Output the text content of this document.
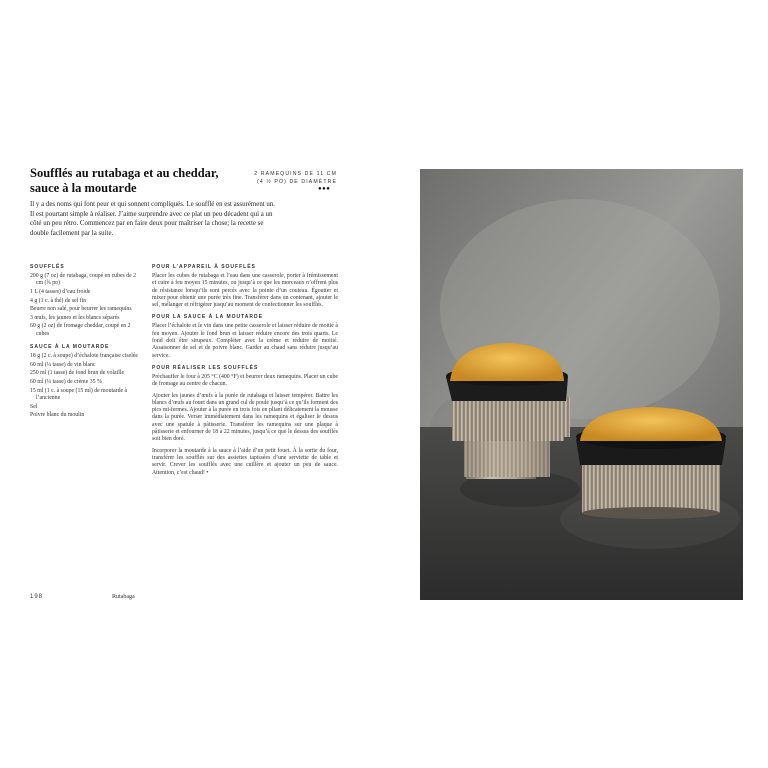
Soufflés au rutabaga et au cheddar, sauce à la moutarde
2 RAMEQUINS DE 11 CM
(4 ½ PO) DE DIAMÈTRE
●●●

Il y a des noms qui font peur et qui sonnent compliqués. Le soufflé en est assurément un. Il est pourtant simple à réaliser. J’aime surprendre avec ce plat un peu décadent qui a un côté un peu rétro. Commencez par en faire deux pour maîtriser la chose; la recette se double facilement par la suite.

SOUFFLÉS
200 g (7 oz) de rutabaga, coupé en cubes de 2 cm (¾ po)
1 L (4 tasses) d’eau froide
4 g (1 c. à thé) de sel fin
Beurre non salé, pour beurrer les ramequins
3 œufs, les jaunes et les blancs séparés
60 g (2 oz) de fromage cheddar, coupé en 2 cubes
SAUCE À LA MOUTARDE
18 g (2 c. à soupe) d’échalote française ciselée
60 ml (¼ tasse) de vin blanc
250 ml (1 tasse) de fond brun de volaille
60 ml (¼ tasse) de crème 35 %
15 ml (1 c. à soupe (15 ml) de moutarde à l’ancienne
Sel
Poivre blanc du moulin
POUR L’APPAREIL À SOUFFLÉS

Placer les cubes de rutabaga et l’eau dans une casserole, porter à frémissement et cuire à feu moyen 15 minutes, ou jusqu’à ce que les morceaux n’offrent plus de résistance lorsqu’ils sont percés avec la pointe d’un couteau. Égoutter et mixer pour obtenir une purée très fine. Transférer dans un contenant, ajouter le sel, mélanger et réfrigérer jusqu’au moment de confectionner les soufflés.

POUR LA SAUCE À LA MOUTARDE

Placer l’échalote et le vin dans une petite casserole et laisser réduire de moitié à feu moyen. Ajouter le fond brun et laisser réduire encore des trois quarts. Le fond doit être sirupeux. Compléter avec la crème et réduire de moitié. Assaisonner de sel et de poivre blanc. Garder au chaud sans réduire jusqu’au service.

POUR RÉALISER LES SOUFFLÉS

Préchauffer le four à 205 °C (400 °F) et beurrer deux ramequins. Placer un cube de fromage au centre de chacun.

Ajouter les jaunes d’œufs à la purée de rutabaga et laisser tempérer. Battre les blancs d’œufs au fouet dans un grand cul de poule jusqu’à ce qu’ils forment des pics mi-fermes. Ajouter à la purée en trois fois en pliant délicatement la mousse dans la purée. Verser immédiatement dans les ramequins et égaliser le dessus avec une spatule à pâtisserie. Transférer les ramequins sur une plaque à pâtisserie et enfourner de 18 à 22 minutes, jusqu’à ce que le dessus des soufflés soit bien doré.

Incorporer la moutarde à la sauce à l’aide d’un petit fouet. À la sortie du four, transférer les soufflés sur des assiettes tapissées d’une serviette de table et servir. Crever les soufflés avec une cuillère et ajouter un peu de sauce. Attention, c’est chaud! •

198	Rutabaga
